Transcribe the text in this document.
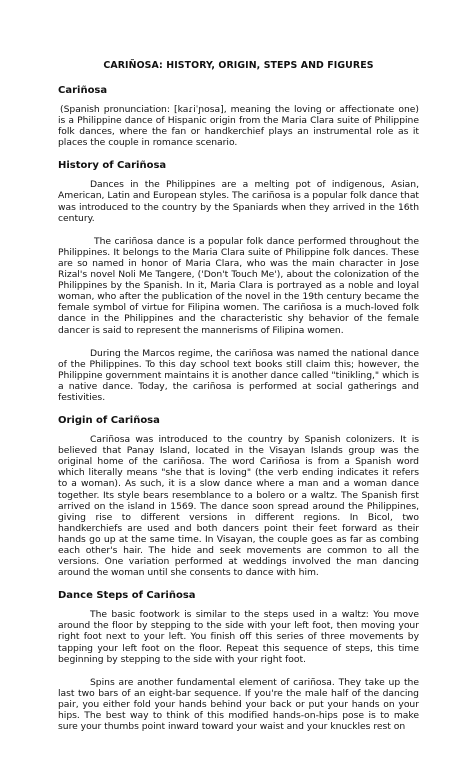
CARIÑOSA: HISTORY, ORIGIN, STEPS AND FIGURES
Cariñosa

(Spanish pronunciation: [kaɾiˈɲosa], meaning the loving or affectionate one) is a Philippine dance of Hispanic origin from the Maria Clara suite of Philippine folk dances, where the fan or handkerchief plays an instrumental role as it places the couple in romance scenario.

History of Cariñosa

Dances in the Philippines are a melting pot of indigenous, Asian, American, Latin and European styles. The cariñosa is a popular folk dance that was introduced to the country by the Spaniards when they arrived in the 16th century.

The cariñosa dance is a popular folk dance performed throughout the Philippines. It belongs to the Maria Clara suite of Philippine folk dances. These are so named in honor of Maria Clara, who was the main character in Jose Rizal's novel Noli Me Tangere, ('Don't Touch Me'), about the colonization of the Philippines by the Spanish. In it, Maria Clara is portrayed as a noble and loyal woman, who after the publication of the novel in the 19th century became the female symbol of virtue for Filipina women. The cariñosa is a much-loved folk dance in the Philippines and the characteristic shy behavior of the female dancer is said to represent the mannerisms of Filipina women.

During the Marcos regime, the cariñosa was named the national dance of the Philippines. To this day school text books still claim this; however, the Philippine government maintains it is another dance called "tinikling," which is a native dance. Today, the cariñosa is performed at social gatherings and festivities.

Origin of Cariñosa

Cariñosa was introduced to the country by Spanish colonizers. It is believed that Panay Island, located in the Visayan Islands group was the original home of the cariñosa. The word Cariñosa is from a Spanish word which literally means "she that is loving" (the verb ending indicates it refers to a woman). As such, it is a slow dance where a man and a woman dance together. Its style bears resemblance to a bolero or a waltz. The Spanish first arrived on the island in 1569. The dance soon spread around the Philippines, giving rise to different versions in different regions. In Bicol, two handkerchiefs are used and both dancers point their feet forward as their hands go up at the same time. In Visayan, the couple goes as far as combing each other's hair. The hide and seek movements are common to all the versions. One variation performed at weddings involved the man dancing around the woman until she consents to dance with him.

Dance Steps of Cariñosa

The basic footwork is similar to the steps used in a waltz: You move around the floor by stepping to the side with your left foot, then moving your right foot next to your left. You finish off this series of three movements by tapping your left foot on the floor. Repeat this sequence of steps, this time beginning by stepping to the side with your right foot.

Spins are another fundamental element of cariñosa. They take up the last two bars of an eight-bar sequence. If you're the male half of the dancing pair, you either fold your hands behind your back or put your hands on your hips. The best way to think of this modified hands-on-hips pose is to make sure your thumbs point inward toward your waist and your knuckles rest on
